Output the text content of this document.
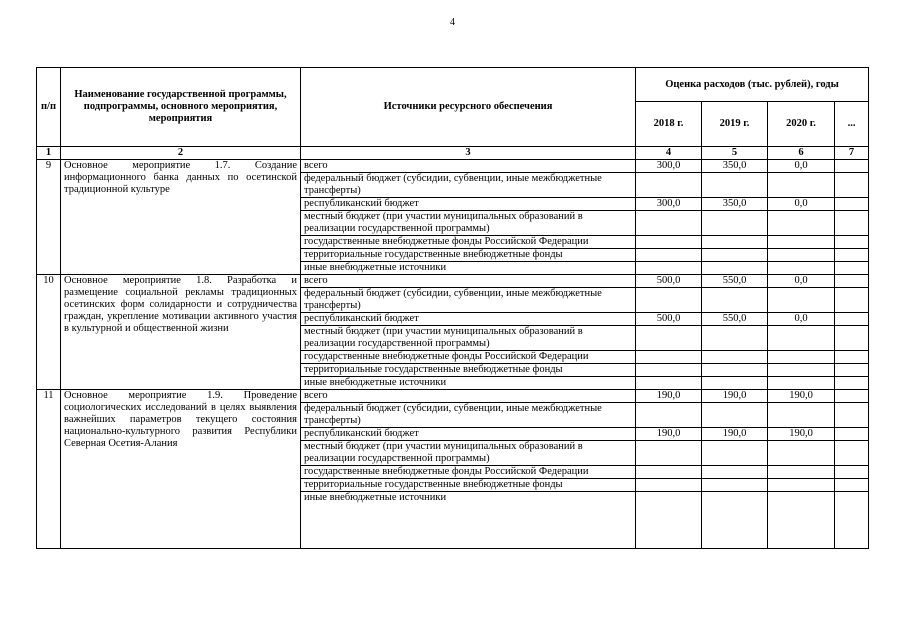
4
п/п	Наименование государственной программы, подпрограммы, основного мероприятия, мероприятия	Источники ресурсного обеспечения	Оценка расходов (тыс. рублей), годы			
			2018 г.	2019 г.	2020 г.	...
1	2	3	4	5	6	7
9	Основное мероприятие 1.7. Создание информационного банка данных по осетинской традиционной культуре	всего	300,0	350,0	0,0	
		федеральный бюджет (субсидии, субвенции, иные межбюджетные трансферты)				
		республиканский бюджет	300,0	350,0	0,0	
		местный бюджет (при участии муниципальных образований в реализации государственной программы)				
		государственные внебюджетные фонды Российской Федерации				
		территориальные государственные внебюджетные фонды				
		иные внебюджетные источники				
10	Основное мероприятие 1.8. Разработка и размещение социальной рекламы традиционных осетинских форм солидарности и сотрудничества граждан, укрепление мотивации активного участия в культурной и общественной жизни	всего	500,0	550,0	0,0	
		федеральный бюджет (субсидии, субвенции, иные межбюджетные трансферты)				
		республиканский бюджет	500,0	550,0	0,0	
		местный бюджет (при участии муниципальных образований в реализации государственной программы)				
		государственные внебюджетные фонды Российской Федерации				
		территориальные государственные внебюджетные фонды				
		иные внебюджетные источники				
11	Основное мероприятие 1.9. Проведение социологических исследований в целях выявления важнейших параметров текущего состояния национально-культурного развития Республики Северная Осетия-Алания	всего	190,0	190,0	190,0	
		федеральный бюджет (субсидии, субвенции, иные межбюджетные трансферты)				
		республиканский бюджет	190,0	190,0	190,0	
		местный бюджет (при участии муниципальных образований в реализации государственной программы)				
		государственные внебюджетные фонды Российской Федерации				
		территориальные государственные внебюджетные фонды				
		иные внебюджетные источники				
